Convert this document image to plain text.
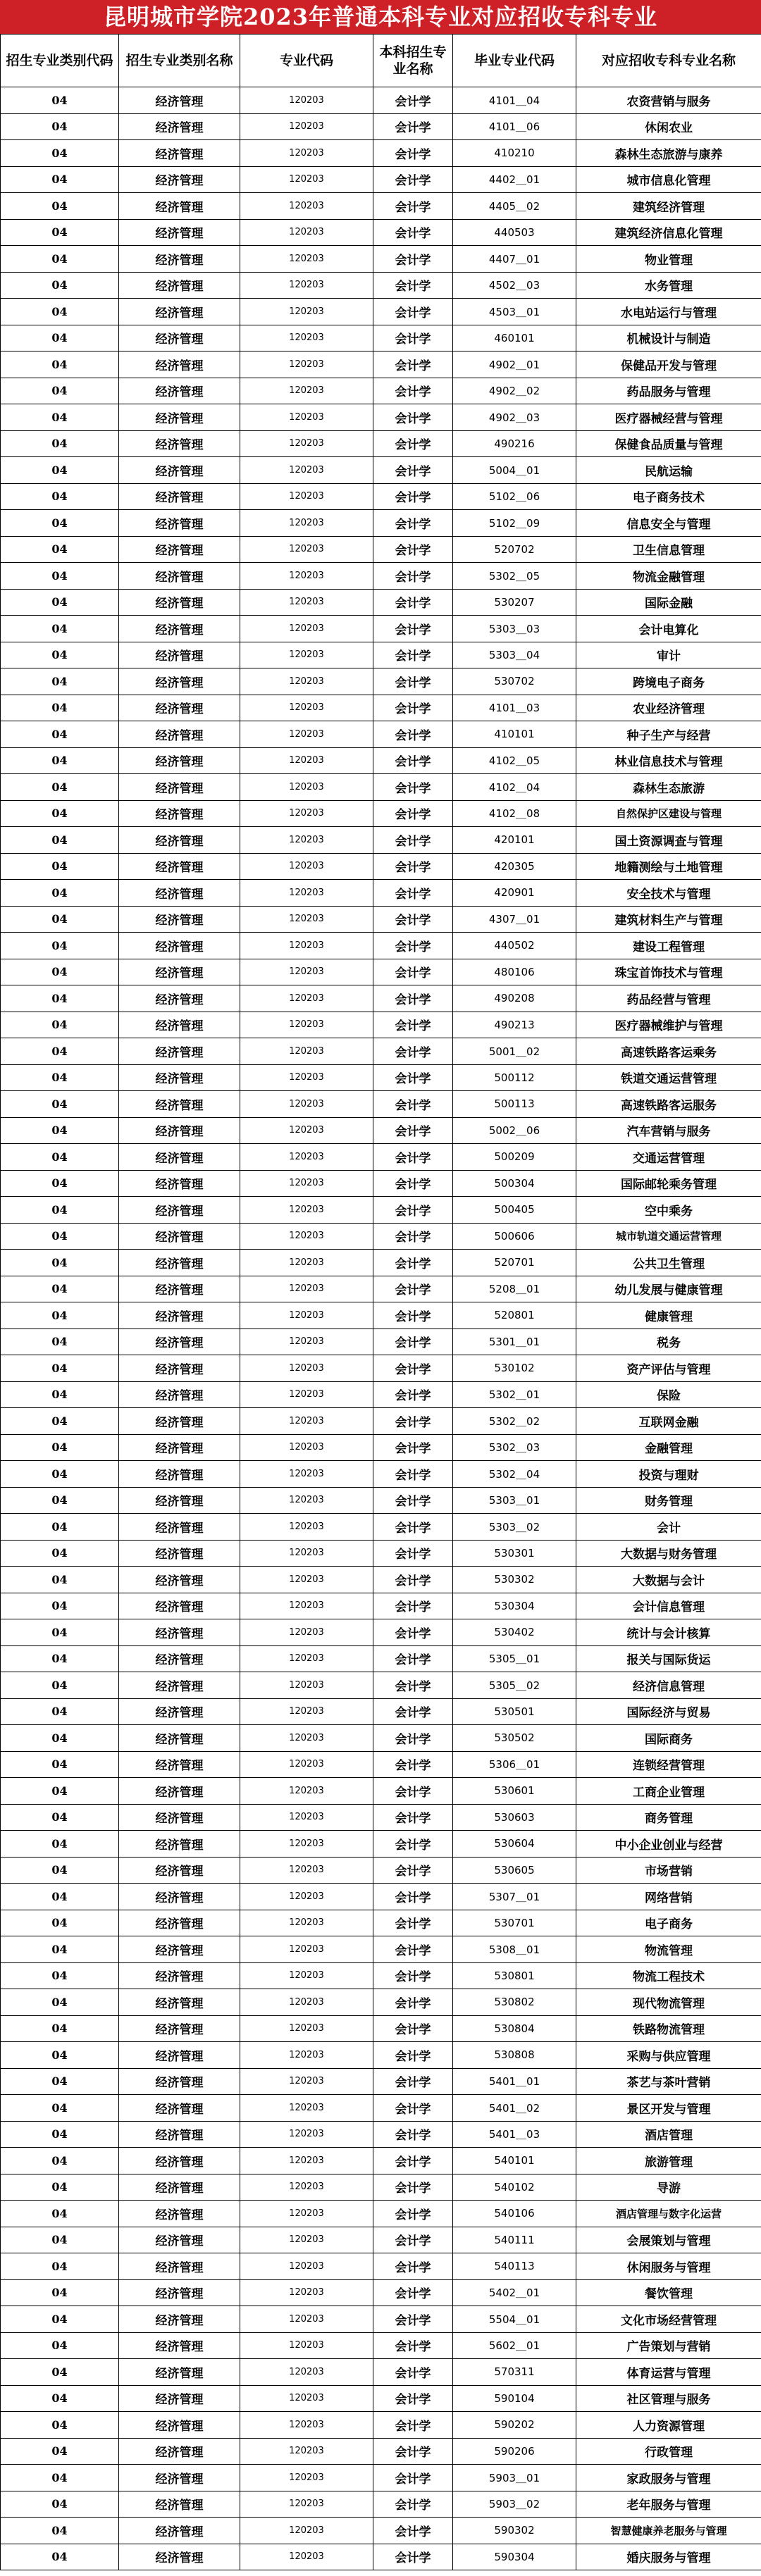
昆明城市学院2023年普通本科专业对应招收专科专业
招生专业类别代码	招生专业类别名称	专业代码	本科招生专业名称	毕业专业代码	对应招收专科专业名称
04	经济管理	120203	会计学	4101＿04	农资营销与服务
04	经济管理	120203	会计学	4101＿06	休闲农业
04	经济管理	120203	会计学	410210	森林生态旅游与康养
04	经济管理	120203	会计学	4402＿01	城市信息化管理
04	经济管理	120203	会计学	4405＿02	建筑经济管理
04	经济管理	120203	会计学	440503	建筑经济信息化管理
04	经济管理	120203	会计学	4407＿01	物业管理
04	经济管理	120203	会计学	4502＿03	水务管理
04	经济管理	120203	会计学	4503＿01	水电站运行与管理
04	经济管理	120203	会计学	460101	机械设计与制造
04	经济管理	120203	会计学	4902＿01	保健品开发与管理
04	经济管理	120203	会计学	4902＿02	药品服务与管理
04	经济管理	120203	会计学	4902＿03	医疗器械经营与管理
04	经济管理	120203	会计学	490216	保健食品质量与管理
04	经济管理	120203	会计学	5004＿01	民航运输
04	经济管理	120203	会计学	5102＿06	电子商务技术
04	经济管理	120203	会计学	5102＿09	信息安全与管理
04	经济管理	120203	会计学	520702	卫生信息管理
04	经济管理	120203	会计学	5302＿05	物流金融管理
04	经济管理	120203	会计学	530207	国际金融
04	经济管理	120203	会计学	5303＿03	会计电算化
04	经济管理	120203	会计学	5303＿04	审计
04	经济管理	120203	会计学	530702	跨境电子商务
04	经济管理	120203	会计学	4101＿03	农业经济管理
04	经济管理	120203	会计学	410101	种子生产与经营
04	经济管理	120203	会计学	4102＿05	林业信息技术与管理
04	经济管理	120203	会计学	4102＿04	森林生态旅游
04	经济管理	120203	会计学	4102＿08	自然保护区建设与管理
04	经济管理	120203	会计学	420101	国土资源调查与管理
04	经济管理	120203	会计学	420305	地籍测绘与土地管理
04	经济管理	120203	会计学	420901	安全技术与管理
04	经济管理	120203	会计学	4307＿01	建筑材料生产与管理
04	经济管理	120203	会计学	440502	建设工程管理
04	经济管理	120203	会计学	480106	珠宝首饰技术与管理
04	经济管理	120203	会计学	490208	药品经营与管理
04	经济管理	120203	会计学	490213	医疗器械维护与管理
04	经济管理	120203	会计学	5001＿02	高速铁路客运乘务
04	经济管理	120203	会计学	500112	铁道交通运营管理
04	经济管理	120203	会计学	500113	高速铁路客运服务
04	经济管理	120203	会计学	5002＿06	汽车营销与服务
04	经济管理	120203	会计学	500209	交通运营管理
04	经济管理	120203	会计学	500304	国际邮轮乘务管理
04	经济管理	120203	会计学	500405	空中乘务
04	经济管理	120203	会计学	500606	城市轨道交通运营管理
04	经济管理	120203	会计学	520701	公共卫生管理
04	经济管理	120203	会计学	5208＿01	幼儿发展与健康管理
04	经济管理	120203	会计学	520801	健康管理
04	经济管理	120203	会计学	5301＿01	税务
04	经济管理	120203	会计学	530102	资产评估与管理
04	经济管理	120203	会计学	5302＿01	保险
04	经济管理	120203	会计学	5302＿02	互联网金融
04	经济管理	120203	会计学	5302＿03	金融管理
04	经济管理	120203	会计学	5302＿04	投资与理财
04	经济管理	120203	会计学	5303＿01	财务管理
04	经济管理	120203	会计学	5303＿02	会计
04	经济管理	120203	会计学	530301	大数据与财务管理
04	经济管理	120203	会计学	530302	大数据与会计
04	经济管理	120203	会计学	530304	会计信息管理
04	经济管理	120203	会计学	530402	统计与会计核算
04	经济管理	120203	会计学	5305＿01	报关与国际货运
04	经济管理	120203	会计学	5305＿02	经济信息管理
04	经济管理	120203	会计学	530501	国际经济与贸易
04	经济管理	120203	会计学	530502	国际商务
04	经济管理	120203	会计学	5306＿01	连锁经营管理
04	经济管理	120203	会计学	530601	工商企业管理
04	经济管理	120203	会计学	530603	商务管理
04	经济管理	120203	会计学	530604	中小企业创业与经营
04	经济管理	120203	会计学	530605	市场营销
04	经济管理	120203	会计学	5307＿01	网络营销
04	经济管理	120203	会计学	530701	电子商务
04	经济管理	120203	会计学	5308＿01	物流管理
04	经济管理	120203	会计学	530801	物流工程技术
04	经济管理	120203	会计学	530802	现代物流管理
04	经济管理	120203	会计学	530804	铁路物流管理
04	经济管理	120203	会计学	530808	采购与供应管理
04	经济管理	120203	会计学	5401＿01	茶艺与茶叶营销
04	经济管理	120203	会计学	5401＿02	景区开发与管理
04	经济管理	120203	会计学	5401＿03	酒店管理
04	经济管理	120203	会计学	540101	旅游管理
04	经济管理	120203	会计学	540102	导游
04	经济管理	120203	会计学	540106	酒店管理与数字化运营
04	经济管理	120203	会计学	540111	会展策划与管理
04	经济管理	120203	会计学	540113	休闲服务与管理
04	经济管理	120203	会计学	5402＿01	餐饮管理
04	经济管理	120203	会计学	5504＿01	文化市场经营管理
04	经济管理	120203	会计学	5602＿01	广告策划与营销
04	经济管理	120203	会计学	570311	体育运营与管理
04	经济管理	120203	会计学	590104	社区管理与服务
04	经济管理	120203	会计学	590202	人力资源管理
04	经济管理	120203	会计学	590206	行政管理
04	经济管理	120203	会计学	5903＿01	家政服务与管理
04	经济管理	120203	会计学	5903＿02	老年服务与管理
04	经济管理	120203	会计学	590302	智慧健康养老服务与管理
04	经济管理	120203	会计学	590304	婚庆服务与管理
